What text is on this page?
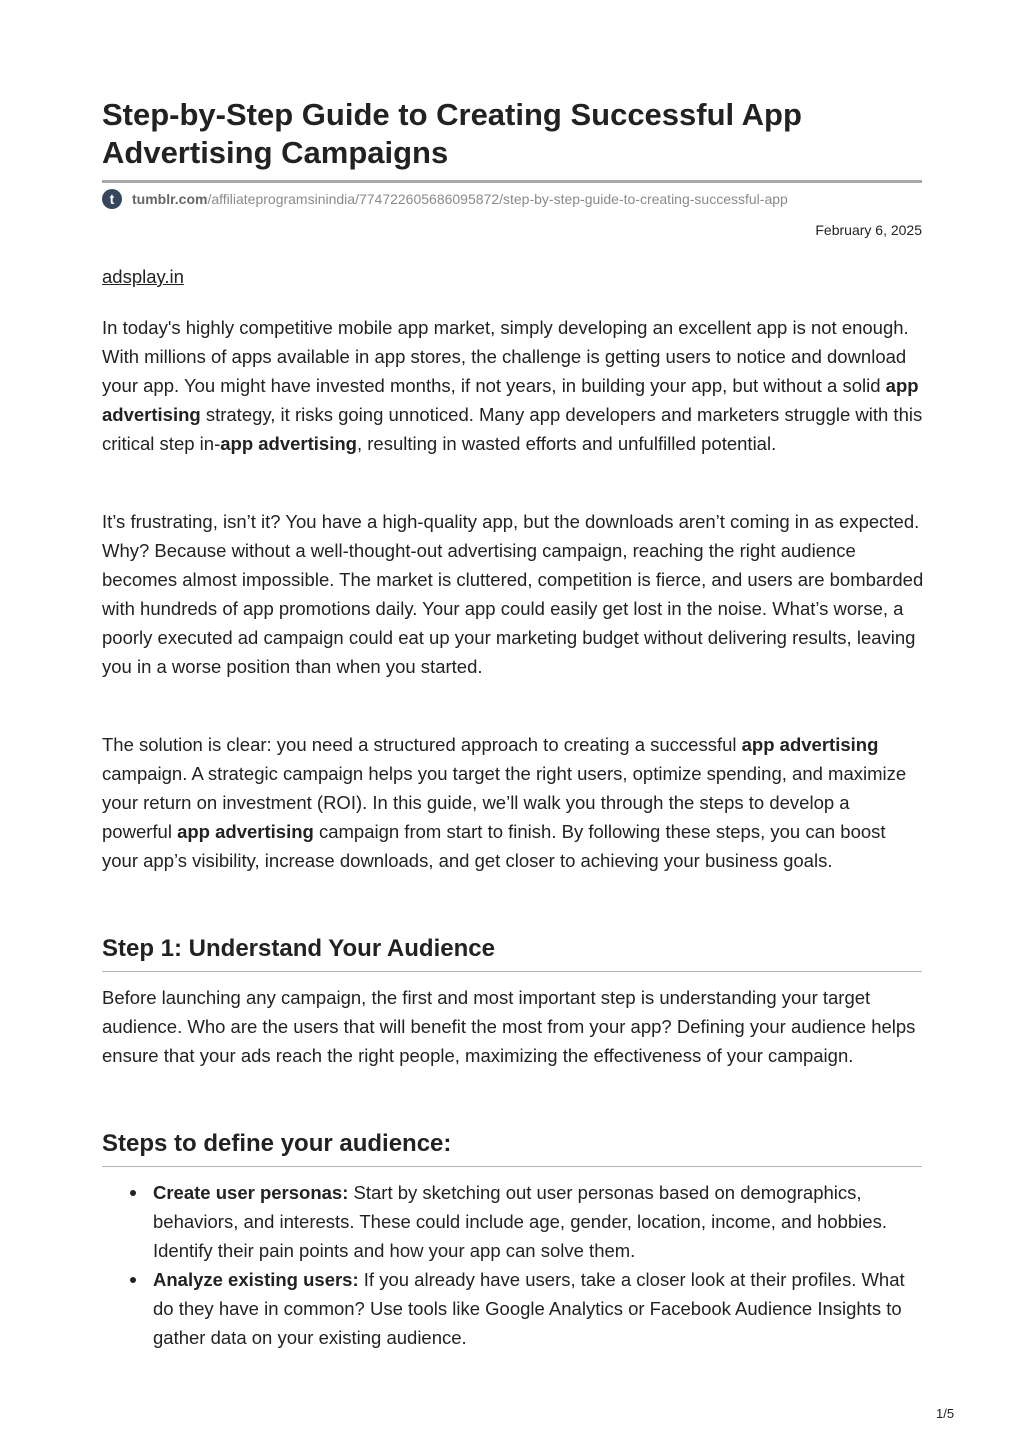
Step-by-Step Guide to Creating Successful App Advertising Campaigns
t	tumblr.com/affiliateprogramsinindia/774722605686095872/step-by-step-guide-to-creating-successful-app
February 6, 2025
adsplay.in

In today's highly competitive mobile app market, simply developing an excellent app is not enough. With millions of apps available in app stores, the challenge is getting users to notice and download your app. You might have invested months, if not years, in building your app, but without a solid app advertising strategy, it risks going unnoticed. Many app developers and marketers struggle with this critical step in-app advertising, resulting in wasted efforts and unfulfilled potential.

It’s frustrating, isn’t it? You have a high-quality app, but the downloads aren’t coming in as expected. Why? Because without a well-thought-out advertising campaign, reaching the right audience becomes almost impossible. The market is cluttered, competition is fierce, and users are bombarded with hundreds of app promotions daily. Your app could easily get lost in the noise. What’s worse, a poorly executed ad campaign could eat up your marketing budget without delivering results, leaving you in a worse position than when you started.

The solution is clear: you need a structured approach to creating a successful app advertising campaign. A strategic campaign helps you target the right users, optimize spending, and maximize your return on investment (ROI). In this guide, we’ll walk you through the steps to develop a powerful app advertising campaign from start to finish. By following these steps, you can boost your app’s visibility, increase downloads, and get closer to achieving your business goals.

Step 1: Understand Your Audience

Before launching any campaign, the first and most important step is understanding your target audience. Who are the users that will benefit the most from your app? Defining your audience helps ensure that your ads reach the right people, maximizing the effectiveness of your campaign.

Steps to define your audience:
Create user personas: Start by sketching out user personas based on demographics, behaviors, and interests. These could include age, gender, location, income, and hobbies. Identify their pain points and how your app can solve them.
Analyze existing users: If you already have users, take a closer look at their profiles. What do they have in common? Use tools like Google Analytics or Facebook Audience Insights to gather data on your existing audience.
1/5
